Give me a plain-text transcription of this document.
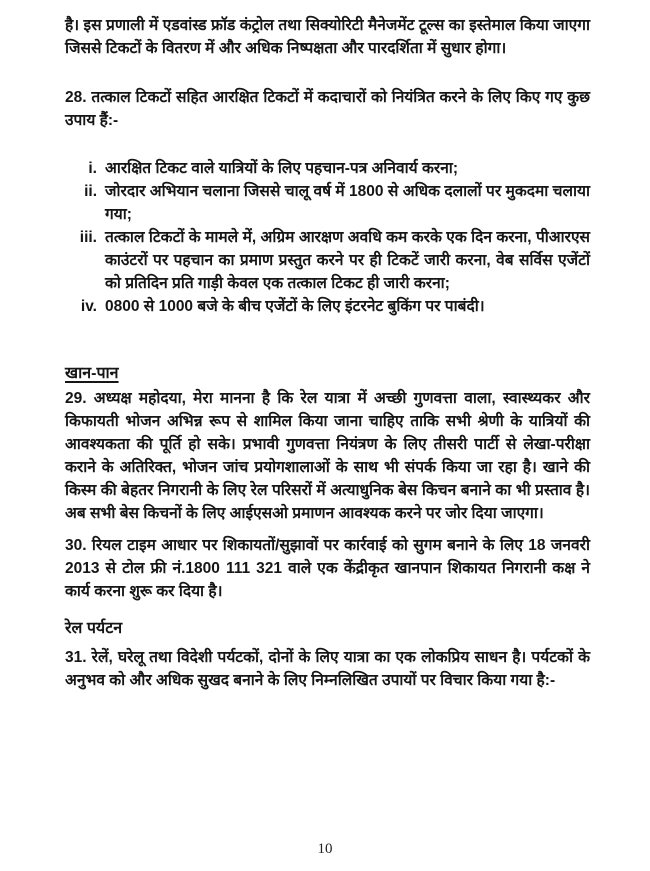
है। इस प्रणाली में एडवांस्ड फ्रॉड कंट्रोल तथा सिक्योरिटी मैनेजमेंट टूल्स का इस्तेमाल किया जाएगा जिससे टिकटों के वितरण में और अधिक निष्पक्षता और पारदर्शिता में सुधार होगा।

28. तत्काल टिकटों सहित आरक्षित टिकटों में कदाचारों को नियंत्रित करने के लिए किए गए कुछ उपाय हैं:-

i. आरक्षित टिकट वाले यात्रियों के लिए पहचान-पत्र अनिवार्य करना;
ii. जोरदार अभियान चलाना जिससे चालू वर्ष में 1800 से अधिक दलालों पर मुकदमा चलाया गया;
iii. तत्काल टिकटों के मामले में, अग्रिम आरक्षण अवधि कम करके एक दिन करना, पीआरएस काउंटरों पर पहचान का प्रमाण प्रस्तुत करने पर ही टिकटें जारी करना, वेब सर्विस एजेंटों को प्रतिदिन प्रति गाड़ी केवल एक तत्काल टिकट ही जारी करना;
iv. 0800 से 1000 बजे के बीच एजेंटों के लिए इंटरनेट बुकिंग पर पाबंदी।
खान-पान

29. अध्यक्ष महोदया, मेरा मानना है कि रेल यात्रा में अच्छी गुणवत्ता वाला, स्वास्थ्यकर और किफायती भोजन अभिन्न रूप से शामिल किया जाना चाहिए ताकि सभी श्रेणी के यात्रियों की आवश्यकता की पूर्ति हो सके। प्रभावी गुणवत्ता नियंत्रण के लिए तीसरी पार्टी से लेखा-परीक्षा कराने के अतिरिक्त, भोजन जांच प्रयोगशालाओं के साथ भी संपर्क किया जा रहा है। खाने की किस्म की बेहतर निगरानी के लिए रेल परिसरों में अत्याधुनिक बेस किचन बनाने का भी प्रस्ताव है। अब सभी बेस किचनों के लिए आईएसओ प्रमाणन आवश्यक करने पर जोर दिया जाएगा।

30. रियल टाइम आधार पर शिकायतों/सुझावों पर कार्रवाई को सुगम बनाने के लिए 18 जनवरी 2013 से टोल फ्री नं.1800 111 321 वाले एक केंद्रीकृत खानपान शिकायत निगरानी कक्ष ने कार्य करना शुरू कर दिया है।

रेल पर्यटन

31. रेलें, घरेलू तथा विदेशी पर्यटकों, दोनों के लिए यात्रा का एक लोकप्रिय साधन है। पर्यटकों के अनुभव को और अधिक सुखद बनाने के लिए निम्नलिखित उपायों पर विचार किया गया है:-

10
